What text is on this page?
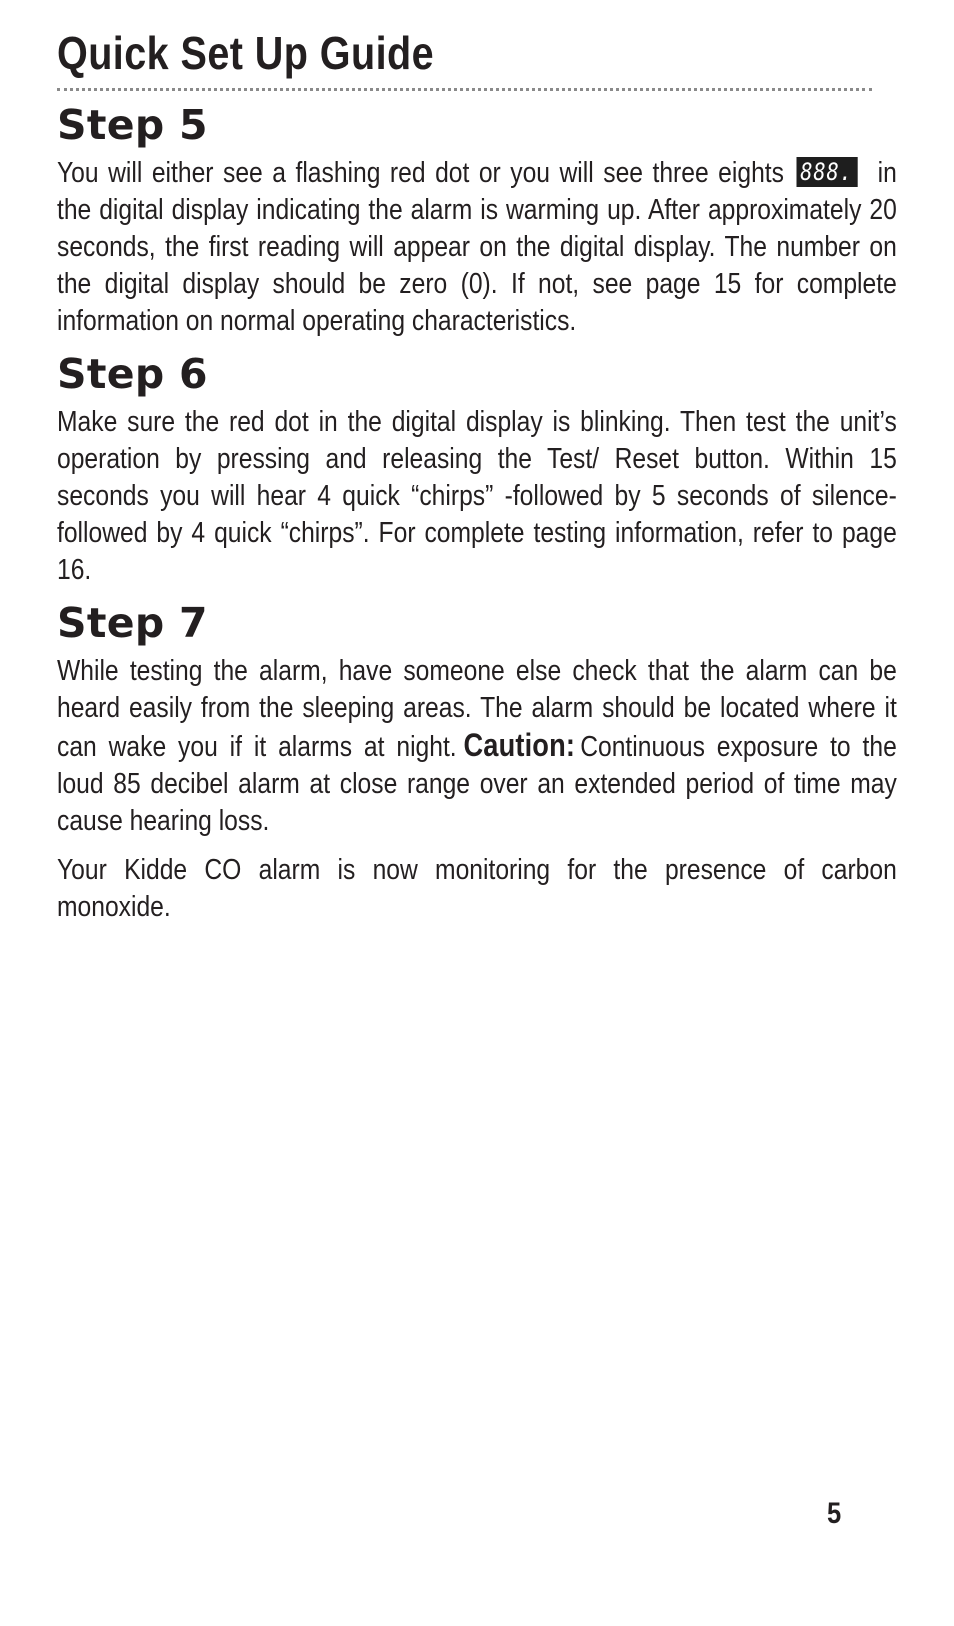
Quick Set Up Guide
Step 5

You will either see a flashing red dot or you will see three eights 888. in the digital display indicating the alarm is warming up. After approximately 20 seconds, the first reading will appear on the digital display. The number on the digital display should be zero (0). If not, see page 15 for complete information on normal operating characteristics.

Step 6

Make sure the red dot in the digital display is blinking. Then test the unit’s operation by pressing and releasing the Test/ Reset button. Within 15 seconds you will hear 4 quick “chirps” -followed by 5 seconds of silence- followed by 4 quick “chirps”. For complete testing information, refer to page 16.

Step 7

While testing the alarm, have someone else check that the alarm can be heard easily from the sleeping areas. The alarm should be located where it can wake you if it alarms at night. Caution: Continuous exposure to the loud 85 decibel alarm at close range over an extended period of time may cause hearing loss.

Your Kidde CO alarm is now monitoring for the presence of carbon monoxide.

5
